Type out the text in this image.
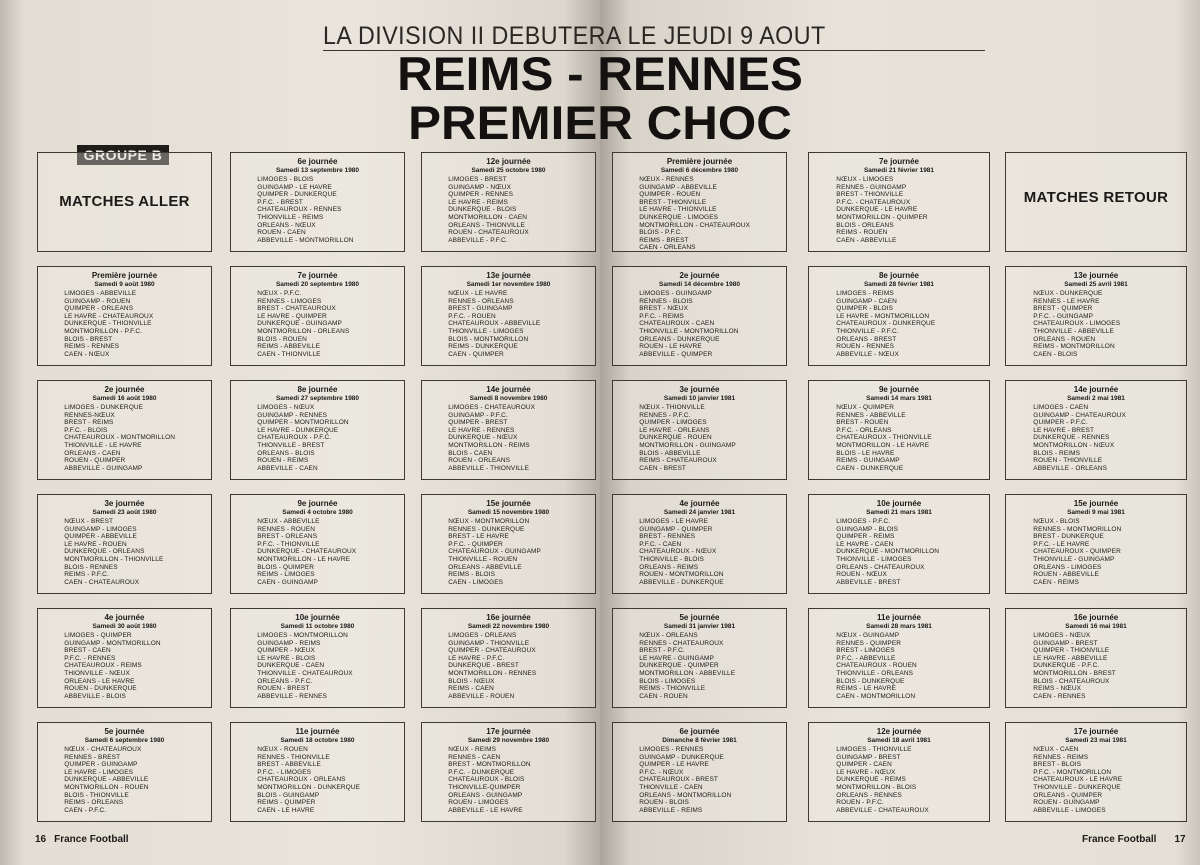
LA DIVISION II DEBUTERA LE JEUDI 9 AOUT
REIMS - RENNES
PREMIER CHOC
GROUPE B
MATCHES ALLER	MATCHES RETOUR
6e journée
Samedi 13 septembre 1980
LIMOGES - BLOIS
GUINGAMP - LE HAVRE
QUIMPER - DUNKERQUE
P.F.C. - BREST
CHATEAUROUX - RENNES
THIONVILLE - REIMS
ORLEANS - NŒUX
ROUEN - CAEN
ABBEVILLE - MONTMORILLON
12e journée
Samedi 25 octobre 1980
LIMOGES - BREST
GUINGAMP - NŒUX
QUIMPER - RENNES
LE HAVRE - REIMS
DUNKERQUE - BLOIS
MONTMORILLON - CAEN
ORLEANS - THIONVILLE
ROUEN - CHATEAUROUX
ABBEVILLE - P.F.C.
Première journée
Samedi 6 décembre 1980
NŒUX - RENNES
GUINGAMP - ABBEVILLE
QUIMPER - ROUEN
BREST - THIONVILLE
LE HAVRE - THIONVILLE
DUNKERQUE - LIMOGES
MONTMORILLON - CHATEAUROUX
BLOIS - P.F.C.
REIMS - BREST
CAEN - ORLEANS
7e journée
Samedi 21 février 1981
NŒUX - LIMOGES
RENNES - GUINGAMP
BREST - THIONVILLE
P.F.C. - CHATEAUROUX
DUNKERQUE - LE HAVRE
MONTMORILLON - QUIMPER
BLOIS - ORLEANS
REIMS - ROUEN
CAEN - ABBEVILLE
Première journée
Samedi 9 août 1980
LIMOGES - ABBEVILLE
GUINGAMP - ROUEN
QUIMPER - ORLEANS
LE HAVRE - CHATEAUROUX
DUNKERQUE - THIONVILLE
MONTMORILLON - P.F.C.
BLOIS - BREST
REIMS - RENNES
CAEN - NŒUX
7e journée
Samedi 20 septembre 1980
NŒUX - P.F.C.
RENNES - LIMOGES
BREST - CHATEAUROUX
LE HAVRE - QUIMPER
DUNKERQUE - GUINGAMP
MONTMORILLON - ORLEANS
BLOIS - ROUEN
REIMS - ABBEVILLE
CAEN - THIONVILLE
13e journée
Samedi 1er novembre 1980
NŒUX - LE HAVRE
RENNES - ORLEANS
BREST - GUINGAMP
P.F.C. - ROUEN
CHATEAUROUX - ABBEVILLE
THIONVILLE - LIMOGES
BLOIS - MONTMORILLON
REIMS - DUNKERQUE
CAEN - QUIMPER
2e journée
Samedi 14 décembre 1980
LIMOGES - GUINGAMP
RENNES - BLOIS
BREST - NŒUX
P.F.C. - REIMS
CHATEAUROUX - CAEN
THIONVILLE - MONTMORILLON
ORLEANS - DUNKERQUE
ROUEN - LE HAVRE
ABBEVILLE - QUIMPER
8e journée
Samedi 28 février 1981
LIMOGES - REIMS
GUINGAMP - CAEN
QUIMPER - BLOIS
LE HAVRE - MONTMORILLON
CHATEAUROUX - DUNKERQUE
THIONVILLE - P.F.C.
ORLEANS - BREST
ROUEN - RENNES
ABBEVILLE - NŒUX
13e journée
Samedi 25 avril 1981
NŒUX - DUNKERQUE
RENNES - LE HAVRE
BREST - QUIMPER
P.F.C. - GUINGAMP
CHATEAUROUX - LIMOGES
THIONVILLE - ABBEVILLE
ORLEANS - ROUEN
REIMS - MONTMORILLON
CAEN - BLOIS
2e journée
Samedi 16 août 1980
LIMOGES - DUNKERQUE
RENNES-NŒUX
BREST - REIMS
P.F.C. - BLOIS
CHATEAUROUX - MONTMORILLON
THIONVILLE - LE HAVRE
ORLEANS - CAEN
ROUEN - QUIMPER
ABBEVILLE - GUINGAMP
8e journée
Samedi 27 septembre 1980
LIMOGES - NŒUX
GUINGAMP - RENNES
QUIMPER - MONTMORILLON
LE HAVRE - DUNKERQUE
CHATEAUROUX - P.F.C.
THIONVILLE - BREST
ORLEANS - BLOIS
ROUEN - REIMS
ABBEVILLE - CAEN
14e journée
Samedi 8 novembre 1980
LIMOGES - CHATEAUROUX
GUINGAMP - P.F.C.
QUIMPER - BREST
LE HAVRE - RENNES
DUNKERQUE - NŒUX
MONTMORILLON - REIMS
BLOIS - CAEN
ROUEN - ORLEANS
ABBEVILLE - THIONVILLE
3e journée
Samedi 10 janvier 1981
NŒUX - THIONVILLE
RENNES - P.F.C.
QUIMPER - LIMOGES
LE HAVRE - ORLEANS
DUNKERQUE - ROUEN
MONTMORILLON - GUINGAMP
BLOIS - ABBEVILLE
REIMS - CHATEAUROUX
CAEN - BREST
9e journée
Samedi 14 mars 1981
NŒUX - QUIMPER
RENNES - ABBEVILLE
BREST - ROUEN
P.F.C. - ORLEANS
CHATEAUROUX - THIONVILLE
MONTMORILLON - LE HAVRE
BLOIS - LE HAVRE
REIMS - GUINGAMP
CAEN - DUNKERQUE
14e journée
Samedi 2 mai 1981
LIMOGES - CAEN
GUINGAMP - CHATEAUROUX
QUIMPER - P.F.C.
LE HAVRE - BREST
DUNKERQUE - RENNES
MONTMORILLON - NŒUX
BLOIS - REIMS
ROUEN - THIONVILLE
ABBEVILLE - ORLEANS
3e journée
Samedi 23 août 1980
NŒUX - BREST
GUINGAMP - LIMOGES
QUIMPER - ABBEVILLE
LE HAVRE - ROUEN
DUNKERQUE - ORLEANS
MONTMORILLON - THIONVILLE
BLOIS - RENNES
REIMS - P.F.C.
CAEN - CHATEAUROUX
9e journée
Samedi 4 octobre 1980
NŒUX - ABBEVILLE
RENNES - ROUEN
BREST - ORLEANS
P.F.C. - THIONVILLE
DUNKERQUE - CHATEAUROUX
MONTMORILLON - LE HAVRE
BLOIS - QUIMPER
REIMS - LIMOGES
CAEN - GUINGAMP
15e journée
Samedi 15 novembre 1980
NŒUX - MONTMORILLON
RENNES - DUNKERQUE
BREST - LE HAVRE
P.F.C. - QUIMPER
CHATEAUROUX - GUINGAMP
THIONVILLE - ROUEN
ORLEANS - ABBEVILLE
REIMS - BLOIS
CAEN - LIMOGES
4e journée
Samedi 24 janvier 1981
LIMOGES - LE HAVRE
GUINGAMP - QUIMPER
BREST - RENNES
P.F.C. - CAEN
CHATEAUROUX - NŒUX
THIONVILLE - BLOIS
ORLEANS - REIMS
ROUEN - MONTMORILLON
ABBEVILLE - DUNKERQUE
10e journée
Samedi 21 mars 1981
LIMOGES - P.F.C.
GUINGAMP - BLOIS
QUIMPER - REIMS
LE HAVRE - CAEN
DUNKERQUE - MONTMORILLON
THIONVILLE - LIMOGES
ORLEANS - CHATEAUROUX
ROUEN - NŒUX
ABBEVILLE - BREST
15e journée
Samedi 9 mai 1981
NŒUX - BLOIS
RENNES - MONTMORILLON
BREST - DUNKERQUE
P.F.C. - LE HAVRE
CHATEAUROUX - QUIMPER
THIONVILLE - GUINGAMP
ORLEANS - LIMOGES
ROUEN - ABBEVILLE
CAEN - REIMS
4e journée
Samedi 30 août 1980
LIMOGES - QUIMPER
GUINGAMP - MONTMORILLON
BREST - CAEN
P.F.C. - RENNES
CHATEAUROUX - REIMS
THIONVILLE - NŒUX
ORLEANS - LE HAVRE
ROUEN - DUNKERQUE
ABBEVILLE - BLOIS
10e journée
Samedi 11 octobre 1980
LIMOGES - MONTMORILLON
GUINGAMP - REIMS
QUIMPER - NŒUX
LE HAVRE - BLOIS
DUNKERQUE - CAEN
THIONVILLE - CHATEAUROUX
ORLEANS - P.F.C.
ROUEN - BREST
ABBEVILLE - RENNES
16e journée
Samedi 22 novembre 1980
LIMOGES - ORLEANS
GUINGAMP - THIONVILLE
QUIMPER - CHATEAUROUX
LE HAVRE - P.F.C.
DUNKERQUE - BREST
MONTMORILLON - RENNES
BLOIS - NŒUX
REIMS - CAEN
ABBEVILLE - ROUEN
5e journée
Samedi 31 janvier 1981
NŒUX - ORLEANS
RENNES - CHATEAUROUX
BREST - P.F.C.
LE HAVRE - GUINGAMP
DUNKERQUE - QUIMPER
MONTMORILLON - ABBEVILLE
BLOIS - LIMOGES
REIMS - THIONVILLE
CAEN - ROUEN
11e journée
Samedi 28 mars 1981
NŒUX - GUINGAMP
RENNES - QUIMPER
BREST - LIMOGES
P.F.C. - ABBEVILLE
CHATEAUROUX - ROUEN
THIONVILLE - ORLEANS
BLOIS - DUNKERQUE
REIMS - LE HAVRE
CAEN - MONTMORILLON
16e journée
Samedi 16 mai 1981
LIMOGES - NŒUX
GUINGAMP - BREST
QUIMPER - THIONVILLE
LE HAVRE - ABBEVILLE
DUNKERQUE - P.F.C.
MONTMORILLON - BREST
BLOIS - CHATEAUROUX
REIMS - NŒUX
CAEN - RENNES
5e journée
Samedi 6 septembre 1980
NŒUX - CHATEAUROUX
RENNES - BREST
QUIMPER - GUINGAMP
LE HAVRE - LIMOGES
DUNKERQUE - ABBEVILLE
MONTMORILLON - ROUEN
BLOIS - THIONVILLE
REIMS - ORLEANS
CAEN - P.F.C.
11e journée
Samedi 18 octobre 1980
NŒUX - ROUEN
RENNES - THIONVILLE
BREST - ABBEVILLE
P.F.C. - LIMOGES
CHATEAUROUX - ORLEANS
MONTMORILLON - DUNKERQUE
BLOIS - GUINGAMP
REIMS - QUIMPER
CAEN - LE HAVRE
17e journée
Samedi 29 novembre 1980
NŒUX - REIMS
RENNES - CAEN
BREST - MONTMORILLON
P.F.C. - DUNKERQUE
CHATEAUROUX - BLOIS
THIONVILLE-QUIMPER
ORLEANS - GUINGAMP
ROUEN - LIMOGES
ABBEVILLE - LE HAVRE
6e journée
Dimanche 8 février 1981
LIMOGES - RENNES
GUINGAMP - DUNKERQUE
QUIMPER - LE HAVRE
P.F.C. - NŒUX
CHATEAUROUX - BREST
THIONVILLE - CAEN
ORLEANS - MONTMORILLON
ROUEN - BLOIS
ABBEVILLE - REIMS
12e journée
Samedi 18 avril 1981
LIMOGES - THIONVILLE
GUINGAMP - BREST
QUIMPER - CAEN
LE HAVRE - NŒUX
DUNKERQUE - REIMS
MONTMORILLON - BLOIS
ORLEANS - RENNES
ROUEN - P.F.C.
ABBEVILLE - CHATEAUROUX
17e journée
Samedi 23 mai 1981
NŒUX - CAEN
RENNES - REIMS
BREST - BLOIS
P.F.C. - MONTMORILLON
CHATEAUROUX - LE HAVRE
THIONVILLE - DUNKERQUE
ORLEANS - QUIMPER
ROUEN - GUINGAMP
ABBEVILLE - LIMOGES
16 France Football	France Football 17
